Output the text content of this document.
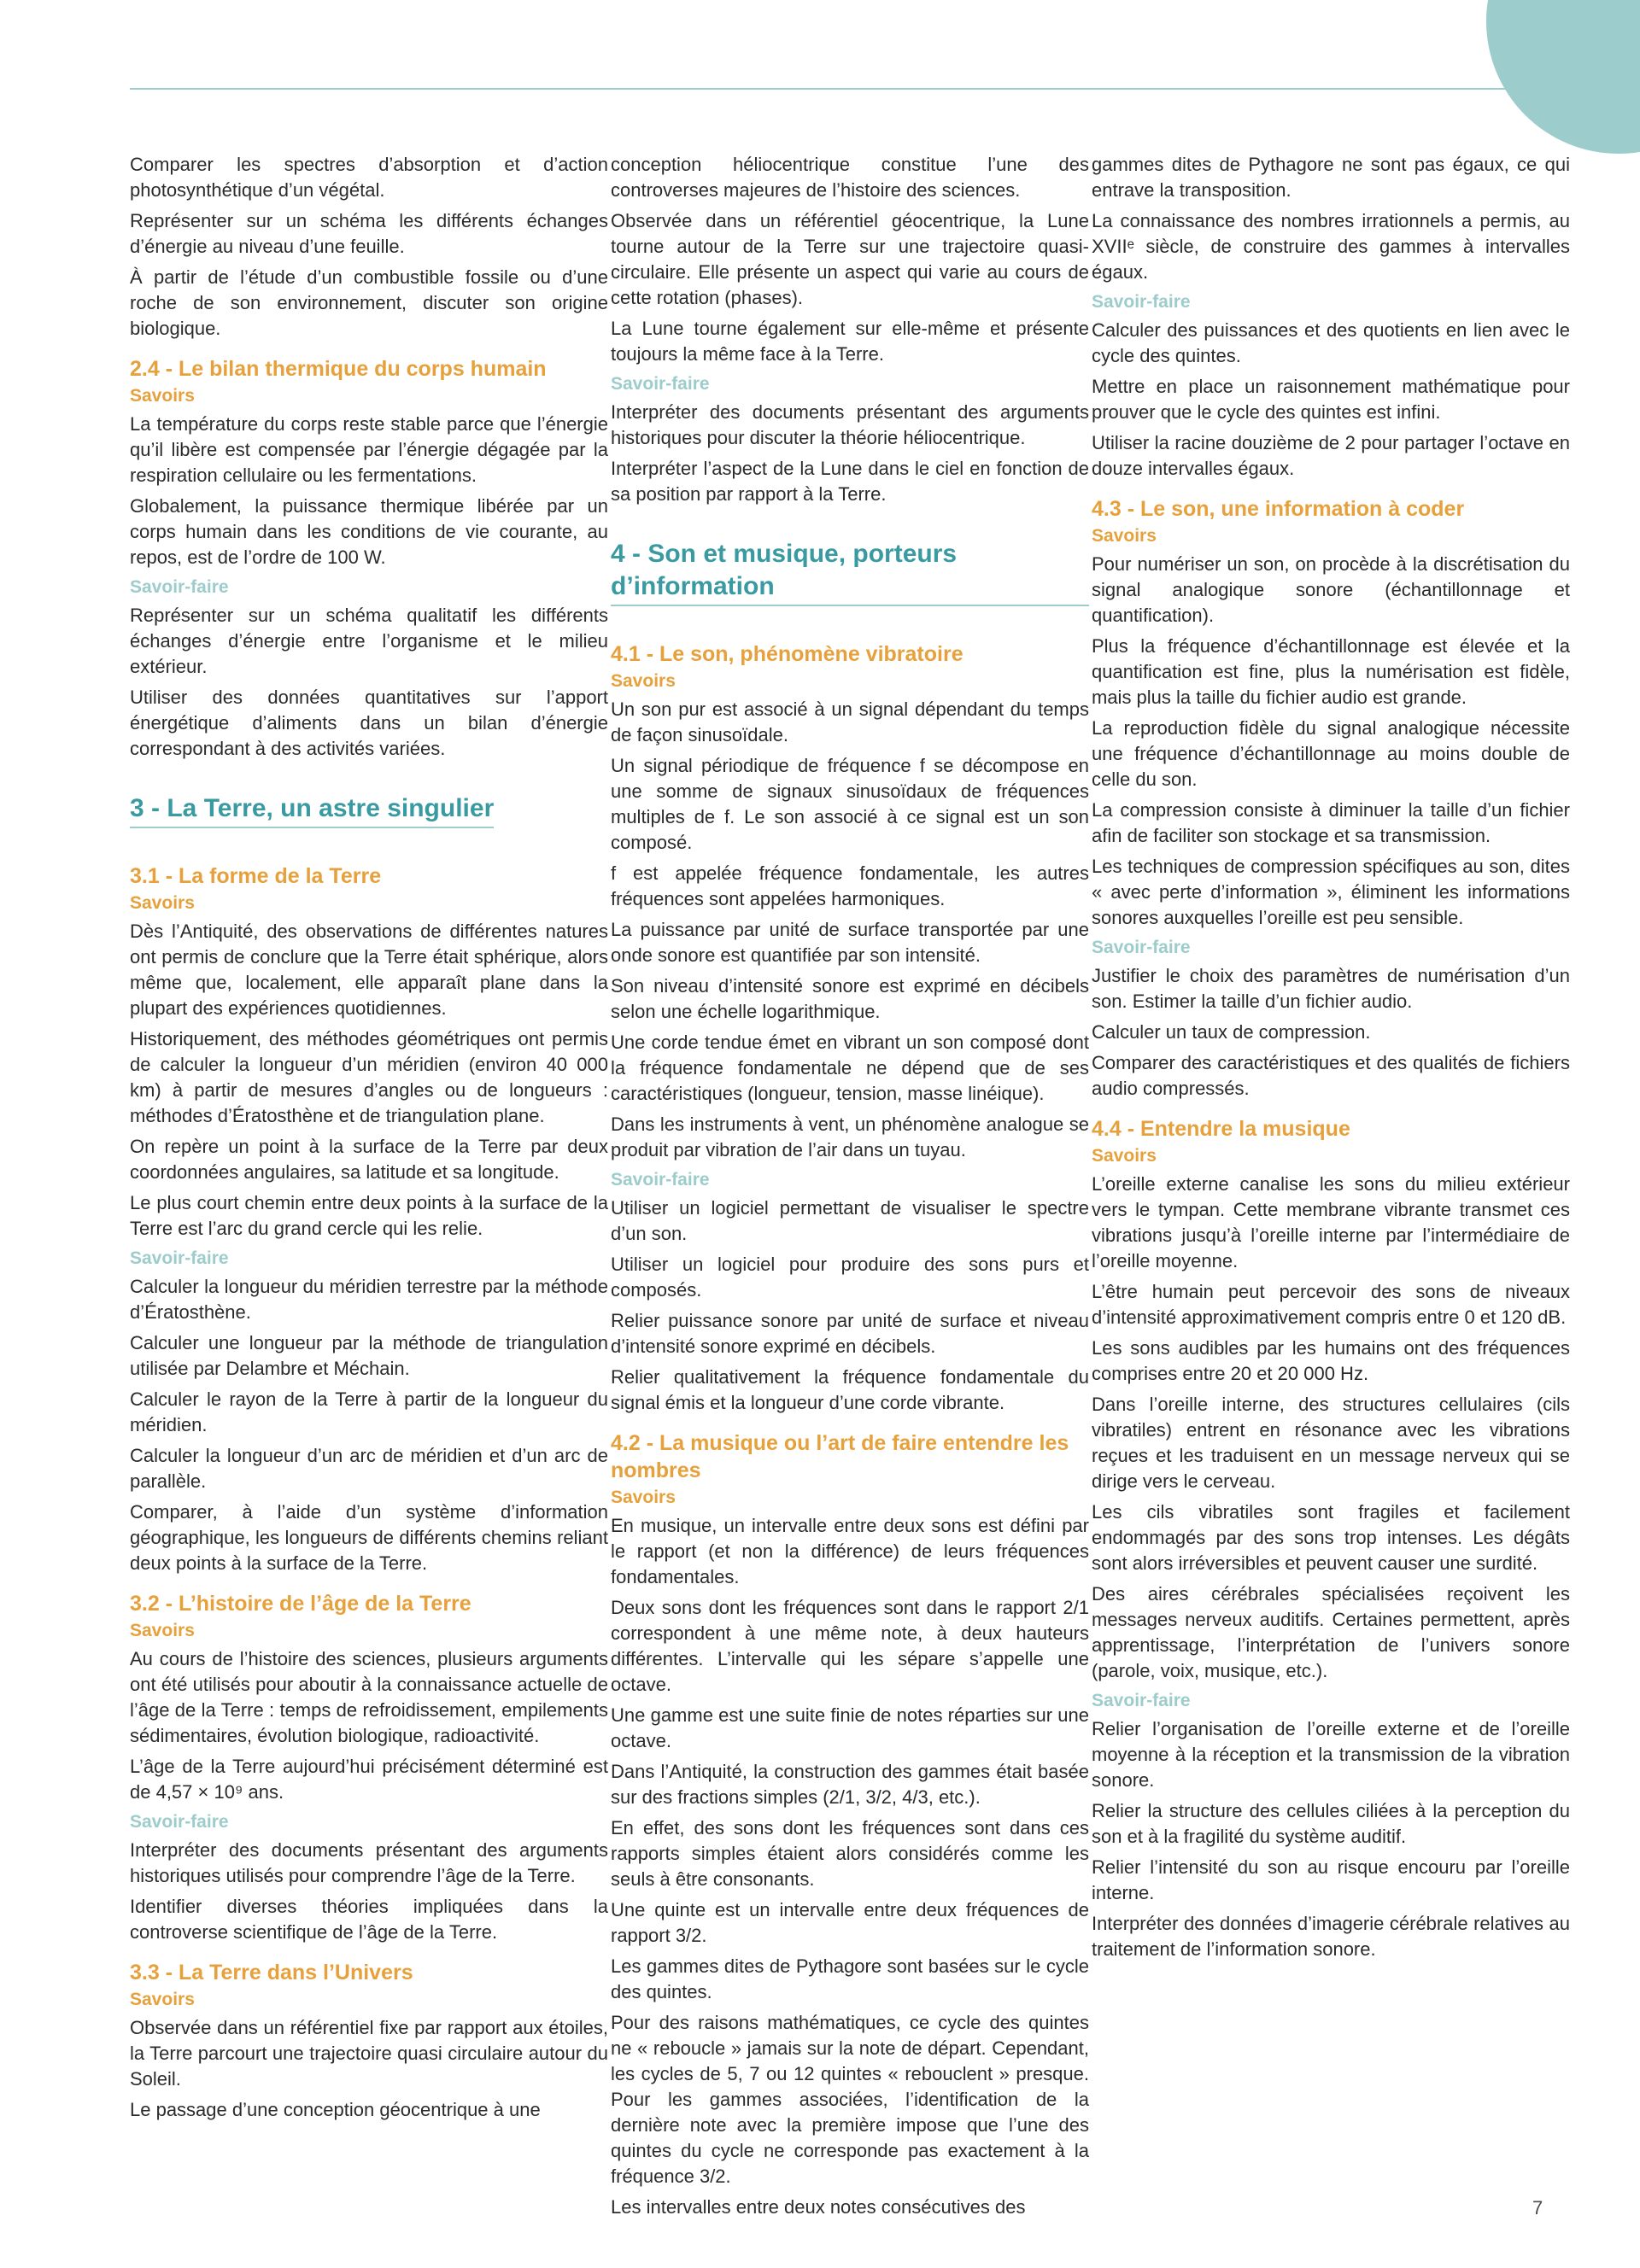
Comparer les spectres d’absorption et d’action photosynthétique d’un végétal.

Représenter sur un schéma les différents échanges d’énergie au niveau d’une feuille.

À partir de l’étude d’un combustible fossile ou d’une roche de son environnement, discuter son origine biologique.

2.4 - Le bilan thermique du corps humain
Savoirs

La température du corps reste stable parce que l’énergie qu’il libère est compensée par l’énergie dégagée par la respiration cellulaire ou les fermentations.

Globalement, la puissance thermique libérée par un corps humain dans les conditions de vie courante, au repos, est de l’ordre de 100 W.

Savoir-faire

Représenter sur un schéma qualitatif les différents échanges d’énergie entre l’organisme et le milieu extérieur.

Utiliser des données quantitatives sur l’apport énergétique d’aliments dans un bilan d’énergie correspondant à des activités variées.

3 - La Terre, un astre singulier
3.1 - La forme de la Terre
Savoirs

Dès l’Antiquité, des observations de différentes natures ont permis de conclure que la Terre était sphérique, alors même que, localement, elle apparaît plane dans la plupart des expériences quotidiennes.

Historiquement, des méthodes géométriques ont permis de calculer la longueur d’un méridien (environ 40 000 km) à partir de mesures d’angles ou de longueurs : méthodes d’Ératosthène et de triangulation plane.

On repère un point à la surface de la Terre par deux coordonnées angulaires, sa latitude et sa longitude.

Le plus court chemin entre deux points à la surface de la Terre est l’arc du grand cercle qui les relie.

Savoir-faire

Calculer la longueur du méridien terrestre par la méthode d’Ératosthène.

Calculer une longueur par la méthode de triangulation utilisée par Delambre et Méchain.

Calculer le rayon de la Terre à partir de la longueur du méridien.

Calculer la longueur d’un arc de méridien et d’un arc de parallèle.

Comparer, à l’aide d’un système d’information géographique, les longueurs de différents chemins reliant deux points à la surface de la Terre.

3.2 - L’histoire de l’âge de la Terre
Savoirs

Au cours de l’histoire des sciences, plusieurs arguments ont été utilisés pour aboutir à la connaissance actuelle de l’âge de la Terre : temps de refroidissement, empilements sédimentaires, évolution biologique, radioactivité.

L’âge de la Terre aujourd’hui précisément déterminé est de 4,57 × 10⁹ ans.

Savoir-faire

Interpréter des documents présentant des arguments historiques utilisés pour comprendre l’âge de la Terre.

Identifier diverses théories impliquées dans la controverse scientifique de l’âge de la Terre.

3.3 - La Terre dans l’Univers
Savoirs

Observée dans un référentiel fixe par rapport aux étoiles, la Terre parcourt une trajectoire quasi circulaire autour du Soleil.

Le passage d’une conception géocentrique à une

conception héliocentrique constitue l’une des controverses majeures de l’histoire des sciences.

Observée dans un référentiel géocentrique, la Lune tourne autour de la Terre sur une trajectoire quasi-circulaire. Elle présente un aspect qui varie au cours de cette rotation (phases).

La Lune tourne également sur elle-même et présente toujours la même face à la Terre.

Savoir-faire

Interpréter des documents présentant des arguments historiques pour discuter la théorie héliocentrique.

Interpréter l’aspect de la Lune dans le ciel en fonction de sa position par rapport à la Terre.

4 - Son et musique, porteurs d’information
4.1 - Le son, phénomène vibratoire
Savoirs

Un son pur est associé à un signal dépendant du temps de façon sinusoïdale.

Un signal périodique de fréquence f se décompose en une somme de signaux sinusoïdaux de fréquences multiples de f. Le son associé à ce signal est un son composé.

f est appelée fréquence fondamentale, les autres fréquences sont appelées harmoniques.

La puissance par unité de surface transportée par une onde sonore est quantifiée par son intensité.

Son niveau d’intensité sonore est exprimé en décibels selon une échelle logarithmique.

Une corde tendue émet en vibrant un son composé dont la fréquence fondamentale ne dépend que de ses caractéristiques (longueur, tension, masse linéique).

Dans les instruments à vent, un phénomène analogue se produit par vibration de l’air dans un tuyau.

Savoir-faire

Utiliser un logiciel permettant de visualiser le spectre d’un son.

Utiliser un logiciel pour produire des sons purs et composés.

Relier puissance sonore par unité de surface et niveau d’intensité sonore exprimé en décibels.

Relier qualitativement la fréquence fondamentale du signal émis et la longueur d’une corde vibrante.

4.2 - La musique ou l’art de faire entendre les nombres
Savoirs

En musique, un intervalle entre deux sons est défini par le rapport (et non la différence) de leurs fréquences fondamentales.

Deux sons dont les fréquences sont dans le rapport 2/1 correspondent à une même note, à deux hauteurs différentes. L’intervalle qui les sépare s’appelle une octave.

Une gamme est une suite finie de notes réparties sur une octave.

Dans l’Antiquité, la construction des gammes était basée sur des fractions simples (2/1, 3/2, 4/3, etc.).

En effet, des sons dont les fréquences sont dans ces rapports simples étaient alors considérés comme les seuls à être consonants.

Une quinte est un intervalle entre deux fréquences de rapport 3/2.

Les gammes dites de Pythagore sont basées sur le cycle des quintes.

Pour des raisons mathématiques, ce cycle des quintes ne « reboucle » jamais sur la note de départ. Cependant, les cycles de 5, 7 ou 12 quintes « rebouclent » presque. Pour les gammes associées, l’identification de la dernière note avec la première impose que l’une des quintes du cycle ne corresponde pas exactement à la fréquence 3/2.

Les intervalles entre deux notes consécutives des

gammes dites de Pythagore ne sont pas égaux, ce qui entrave la transposition.

La connaissance des nombres irrationnels a permis, au XVIIᵉ siècle, de construire des gammes à intervalles égaux.

Savoir-faire

Calculer des puissances et des quotients en lien avec le cycle des quintes.

Mettre en place un raisonnement mathématique pour prouver que le cycle des quintes est infini.

Utiliser la racine douzième de 2 pour partager l’octave en douze intervalles égaux.

4.3 - Le son, une information à coder
Savoirs

Pour numériser un son, on procède à la discrétisation du signal analogique sonore (échantillonnage et quantification).

Plus la fréquence d’échantillonnage est élevée et la quantification est fine, plus la numérisation est fidèle, mais plus la taille du fichier audio est grande.

La reproduction fidèle du signal analogique nécessite une fréquence d’échantillonnage au moins double de celle du son.

La compression consiste à diminuer la taille d’un fichier afin de faciliter son stockage et sa transmission.

Les techniques de compression spécifiques au son, dites « avec perte d’information », éliminent les informations sonores auxquelles l’oreille est peu sensible.

Savoir-faire

Justifier le choix des paramètres de numérisation d’un son. Estimer la taille d’un fichier audio.

Calculer un taux de compression.

Comparer des caractéristiques et des qualités de fichiers audio compressés.

4.4 - Entendre la musique
Savoirs

L’oreille externe canalise les sons du milieu extérieur vers le tympan. Cette membrane vibrante transmet ces vibrations jusqu’à l’oreille interne par l’intermédiaire de l’oreille moyenne.

L’être humain peut percevoir des sons de niveaux d’intensité approximativement compris entre 0 et 120 dB.

Les sons audibles par les humains ont des fréquences comprises entre 20 et 20 000 Hz.

Dans l’oreille interne, des structures cellulaires (cils vibratiles) entrent en résonance avec les vibrations reçues et les traduisent en un message nerveux qui se dirige vers le cerveau.

Les cils vibratiles sont fragiles et facilement endommagés par des sons trop intenses. Les dégâts sont alors irréversibles et peuvent causer une surdité.

Des aires cérébrales spécialisées reçoivent les messages nerveux auditifs. Certaines permettent, après apprentissage, l’interprétation de l’univers sonore (parole, voix, musique, etc.).

Savoir-faire

Relier l’organisation de l’oreille externe et de l’oreille moyenne à la réception et la transmission de la vibration sonore.

Relier la structure des cellules ciliées à la perception du son et à la fragilité du système auditif.

Relier l’intensité du son au risque encouru par l’oreille interne.

Interpréter des données d’imagerie cérébrale relatives au traitement de l’information sonore.

7
